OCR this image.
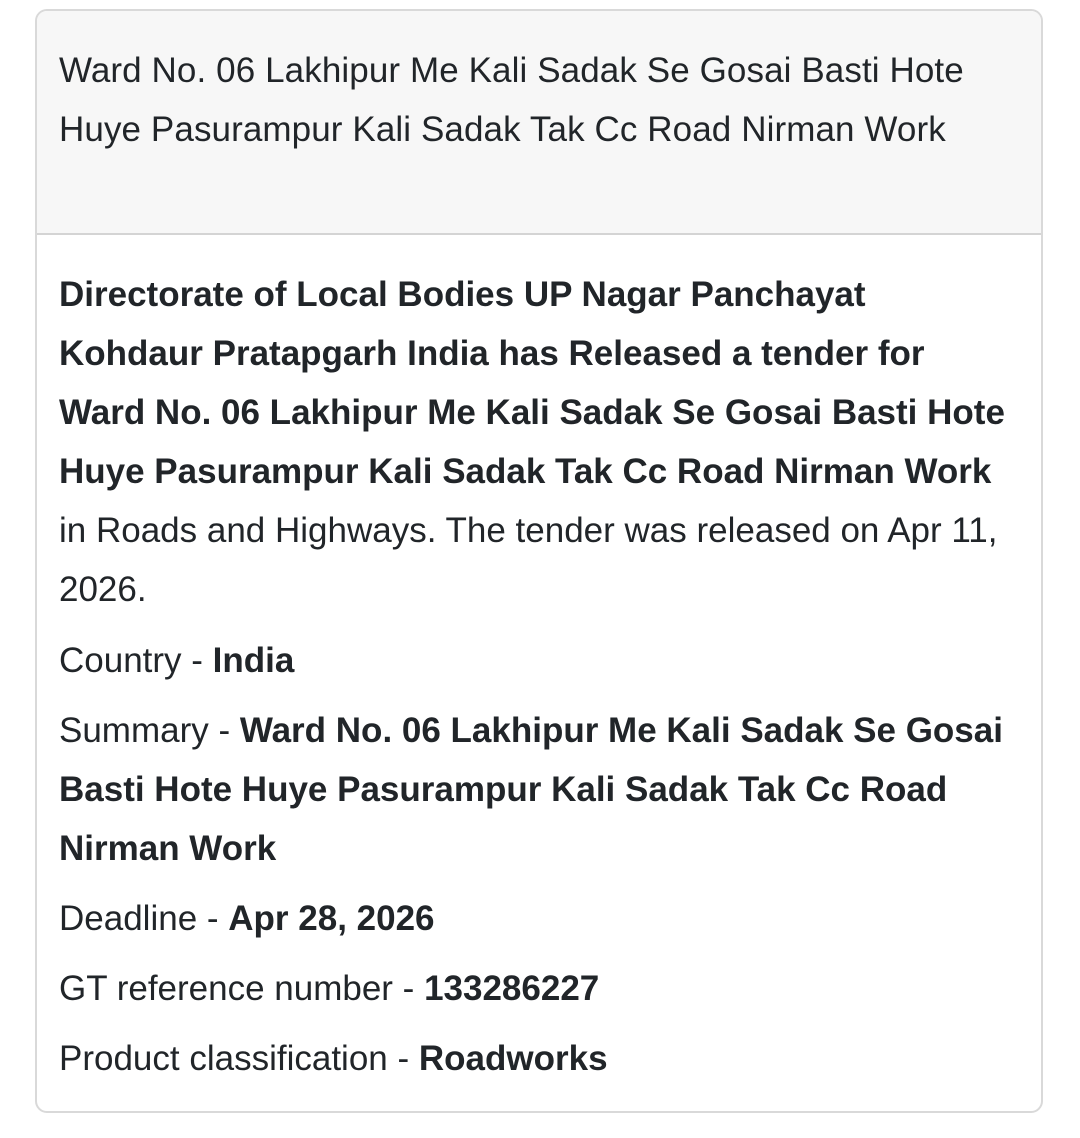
Ward No. 06 Lakhipur Me Kali Sadak Se Gosai Basti Hote Huye Pasurampur Kali Sadak Tak Cc Road Nirman Work

Directorate of Local Bodies UP Nagar Panchayat Kohdaur Pratapgarh India has Released a tender for Ward No. 06 Lakhipur Me Kali Sadak Se Gosai Basti Hote Huye Pasurampur Kali Sadak Tak Cc Road Nirman Work in Roads and Highways. The tender was released on Apr 11, 2026.

Country - India

Summary - Ward No. 06 Lakhipur Me Kali Sadak Se Gosai Basti Hote Huye Pasurampur Kali Sadak Tak Cc Road Nirman Work

Deadline - Apr 28, 2026

GT reference number - 133286227

Product classification - Roadworks
